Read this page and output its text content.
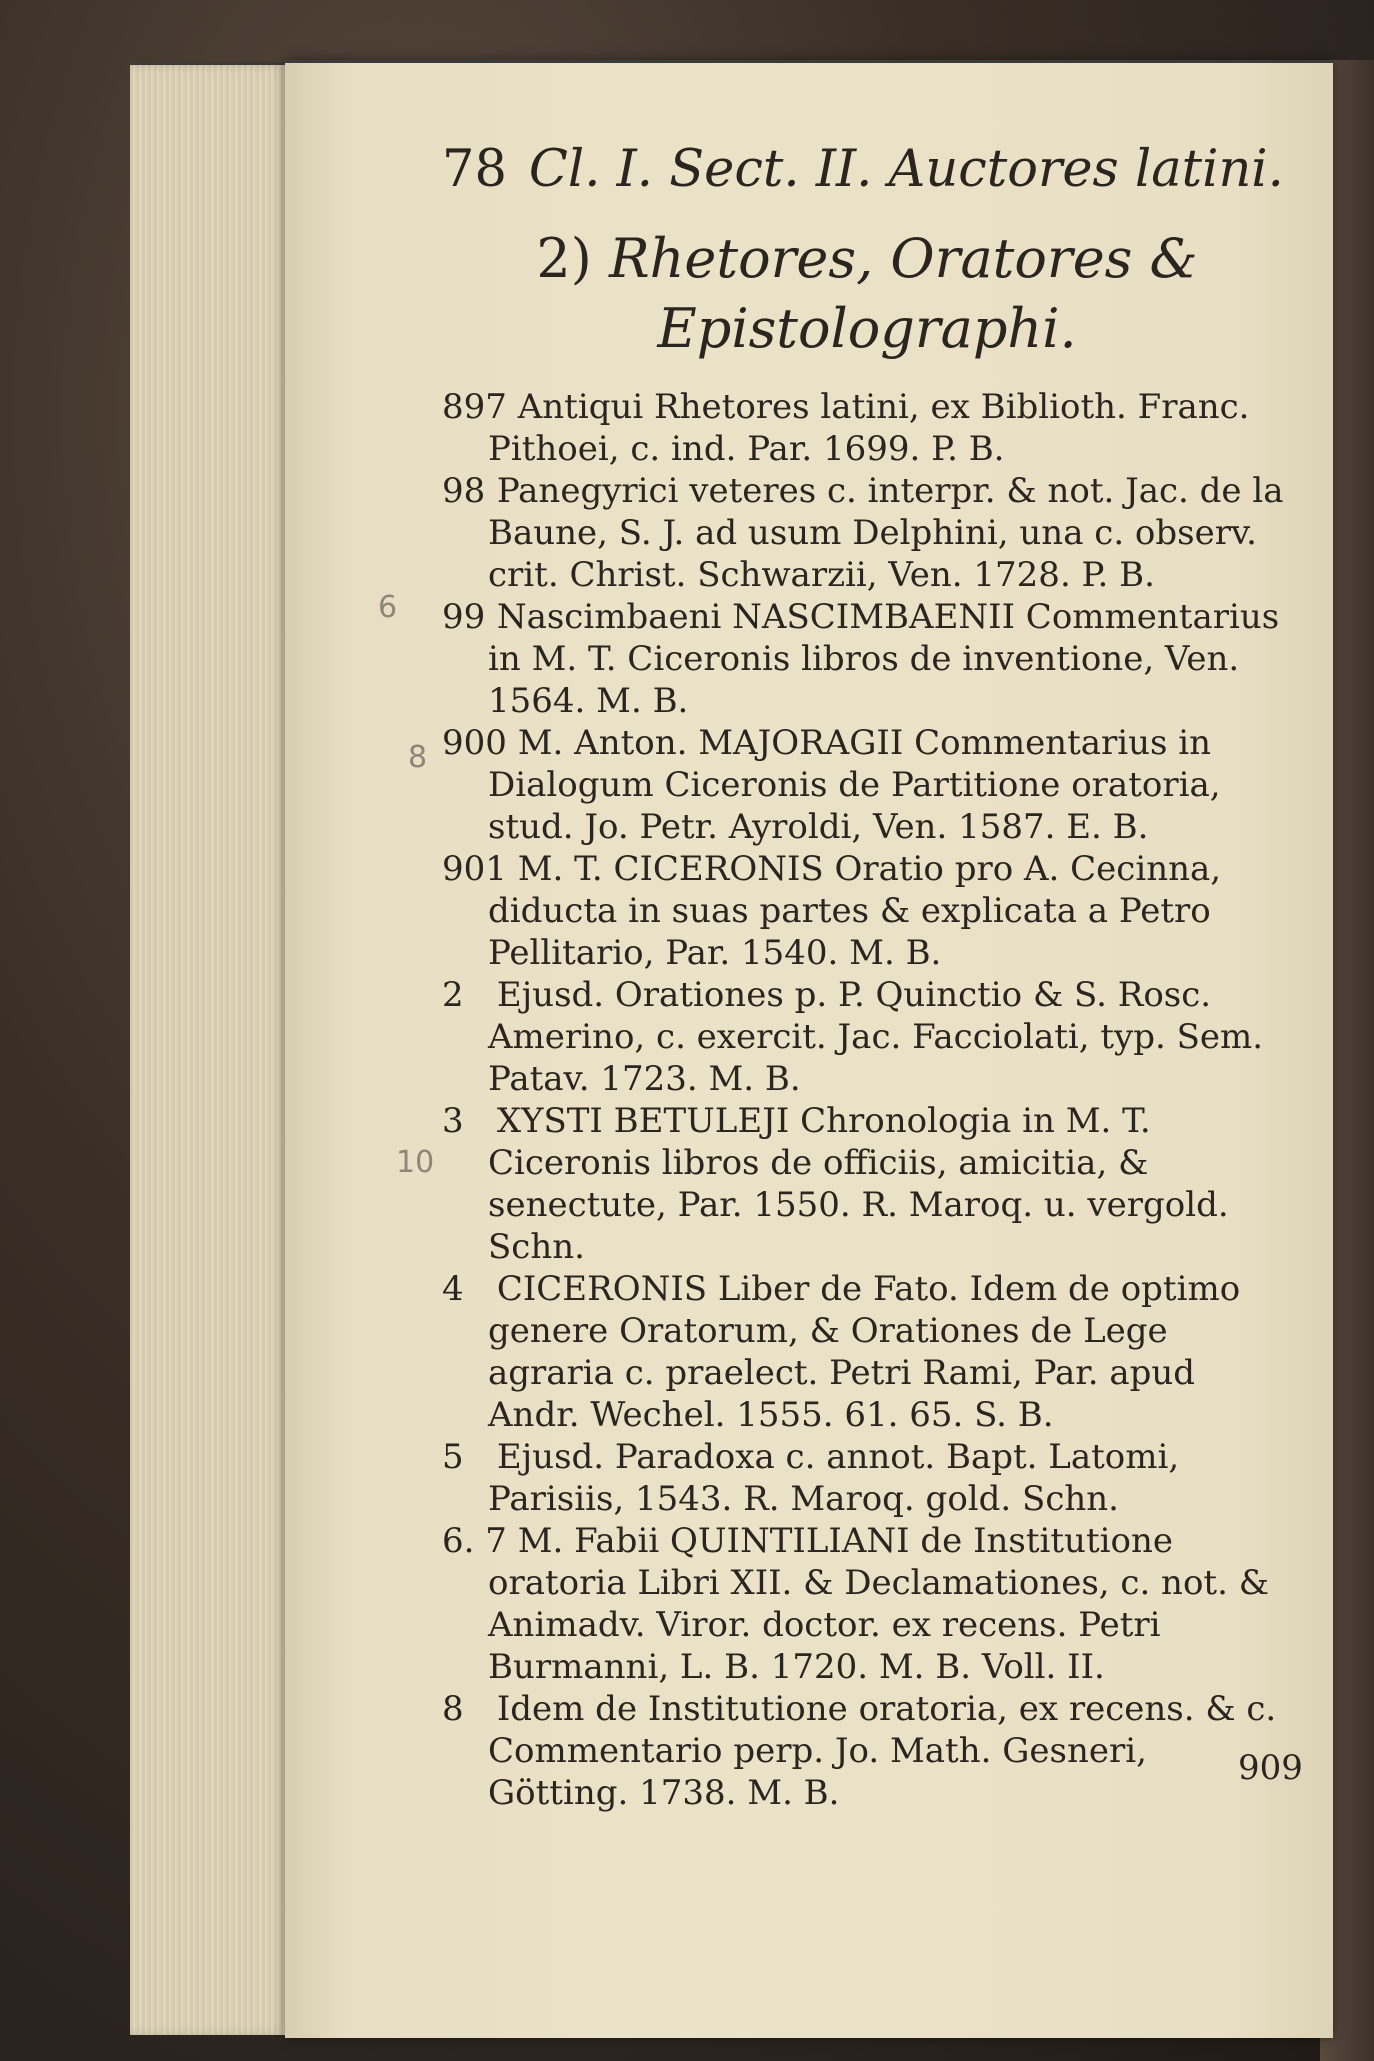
6
8
10
78 Cl. I. Sect. II. Auctores latini.
2) Rhetores, Oratores & Epistolographi.
897 Antiqui Rhetores latini, ex Biblioth. Franc. Pithoei, c. ind. Par. 1699. P. B.
98 Panegyrici veteres c. interpr. & not. Jac. de la Baune, S. J. ad usum Delphini, una c. observ. crit. Christ. Schwarzii, Ven. 1728. P. B.
99 Nascimbaeni NASCIMBAENII Commentarius in M. T. Ciceronis libros de inventione, Ven. 1564. M. B.
900 M. Anton. MAJORAGII Commentarius in Dialogum Ciceronis de Partitione oratoria, stud. Jo. Petr. Ayroldi, Ven. 1587. E. B.
901 M. T. CICERONIS Oratio pro A. Cecinna, diducta in suas partes & explicata a Petro Pellitario, Par. 1540. M. B.
2 Ejusd. Orationes p. P. Quinctio & S. Rosc. Amerino, c. exercit. Jac. Facciolati, typ. Sem. Patav. 1723. M. B.
3 XYSTI BETULEJI Chronologia in M. T. Ciceronis libros de officiis, amicitia, & senectute, Par. 1550. R. Maroq. u. vergold. Schn.
4 CICERONIS Liber de Fato. Idem de optimo genere Oratorum, & Orationes de Lege agraria c. praelect. Petri Rami, Par. apud Andr. Wechel. 1555. 61. 65. S. B.
5 Ejusd. Paradoxa c. annot. Bapt. Latomi, Parisiis, 1543. R. Maroq. gold. Schn.
6. 7 M. Fabii QUINTILIANI de Institutione oratoria Libri XII. & Declamationes, c. not. & Animadv. Viror. doctor. ex recens. Petri Burmanni, L. B. 1720. M. B. Voll. II.
8 Idem de Institutione oratoria, ex recens. & c. Commentario perp. Jo. Math. Gesneri, Götting. 1738. M. B.
909
